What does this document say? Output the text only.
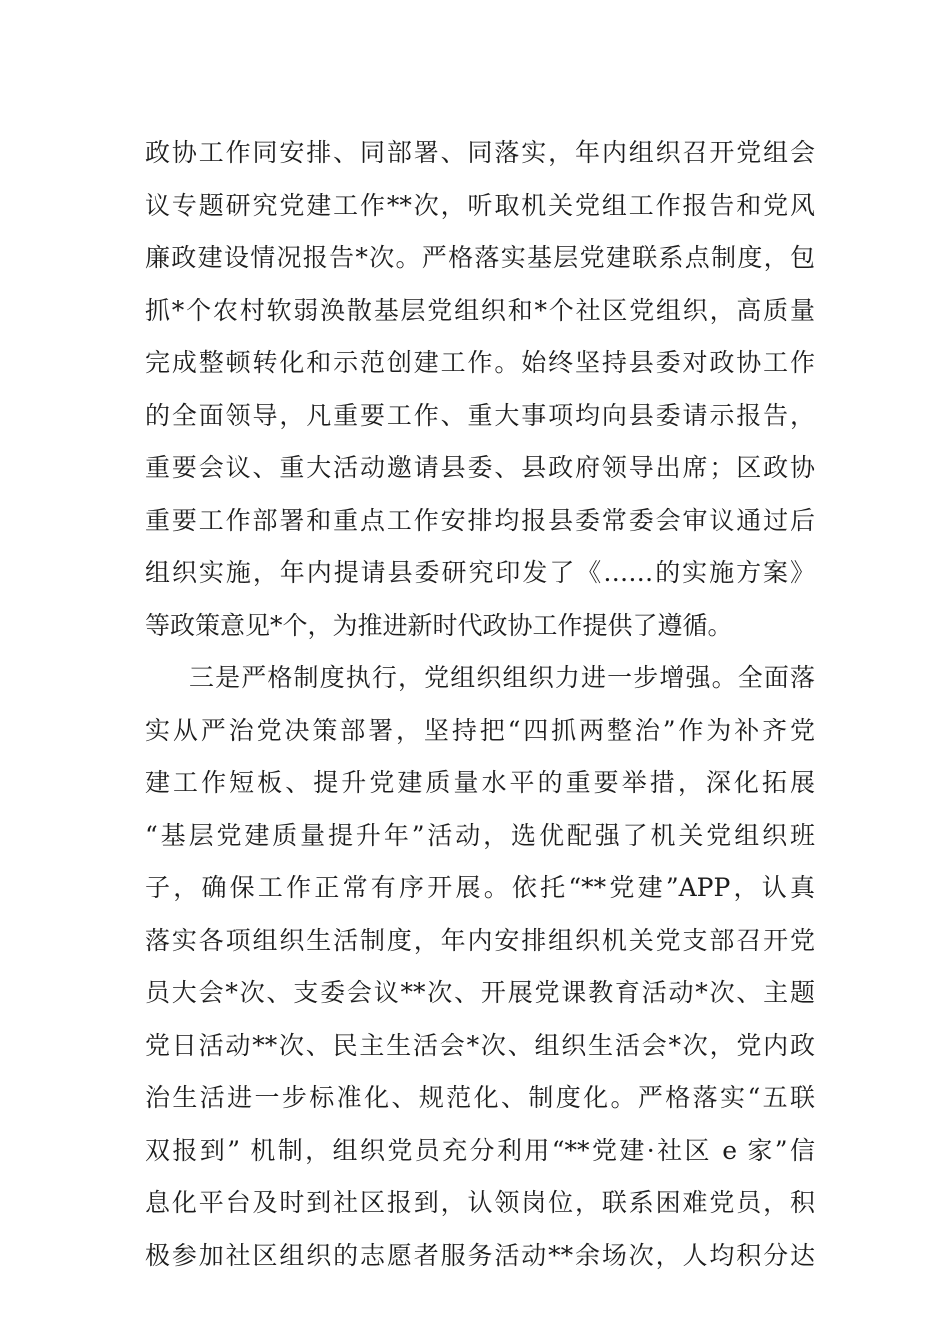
政协工作同安排、同部署、同落实，年内组织召开党组会
议专题研究党建工作**次，听取机关党组工作报告和党风
廉政建设情况报告*次。严格落实基层党建联系点制度，包
抓*个农村软弱涣散基层党组织和*个社区党组织，高质量
完成整顿转化和示范创建工作。始终坚持县委对政协工作
的全面领导，凡重要工作、重大事项均向县委请示报告，
重要会议、重大活动邀请县委、县政府领导出席；区政协
重要工作部署和重点工作安排均报县委常委会审议通过后
组织实施，年内提请县委研究印发了《……的实施方案》
等政策意见*个，为推进新时代政协工作提供了遵循。
三是严格制度执行，党组织组织力进一步增强。全面落
实从严治党决策部署，坚持把“四抓两整治”作为补齐党
建工作短板、提升党建质量水平的重要举措，深化拓展
“基层党建质量提升年”活动，选优配强了机关党组织班
子，确保工作正常有序开展。依托“**党建”APP，认真
落实各项组织生活制度，年内安排组织机关党支部召开党
员大会*次、支委会议**次、开展党课教育活动*次、主题
党日活动**次、民主生活会*次、组织生活会*次，党内政
治生活进一步标准化、规范化、制度化。严格落实“五联
双报到” 机制，组织党员充分利用“**党建·社区 e 家”信
息化平台及时到社区报到，认领岗位，联系困难党员，积
极参加社区组织的志愿者服务活动**余场次，人均积分达
